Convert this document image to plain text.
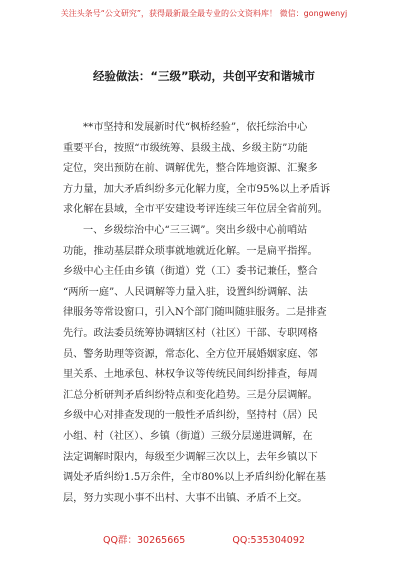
关注头条号“公文研究”，获得最新最全最专业的公文资料库！ 微信：gongwenyj
经验做法：“三级”联动，共创平安和谐城市
**市坚持和发展新时代“枫桥经验”，依托综治中心
重要平台，按照“市级统筹、县级主战、乡级主防”功能
定位，突出预防在前、调解优先，整合阵地资源、汇聚多
方力量，加大矛盾纠纷多元化解力度，全市95%以上矛盾诉
求化解在县域，全市平安建设考评连续三年位居全省前列。
一、乡级综治中心“三三调”。突出乡级中心前哨站
功能，推动基层群众琐事就地就近化解。一是扁平指挥。
乡级中心主任由乡镇（街道）党（工）委书记兼任，整合
“两所一庭”、人民调解等力量入驻，设置纠纷调解、法
律服务等常设窗口，引入N个部门随叫随驻服务。二是排查
先行。政法委员统筹协调辖区村（社区）干部、专职网格
员、警务助理等资源，常态化、全方位开展婚姻家庭、邻
里关系、土地承包、林权争议等传统民间纠纷排查，每周
汇总分析研判矛盾纠纷特点和变化趋势。三是分层调解。
乡级中心对排查发现的一般性矛盾纠纷，坚持村（居）民
小组、村（社区）、乡镇（街道）三级分层递进调解，在
法定调解时限内，每级至少调解三次以上，去年乡镇以下
调处矛盾纠纷1.5万余件，全市80%以上矛盾纠纷化解在基
层，努力实现小事不出村、大事不出镇、矛盾不上交。
QQ群：30265665	QQ:535304092
